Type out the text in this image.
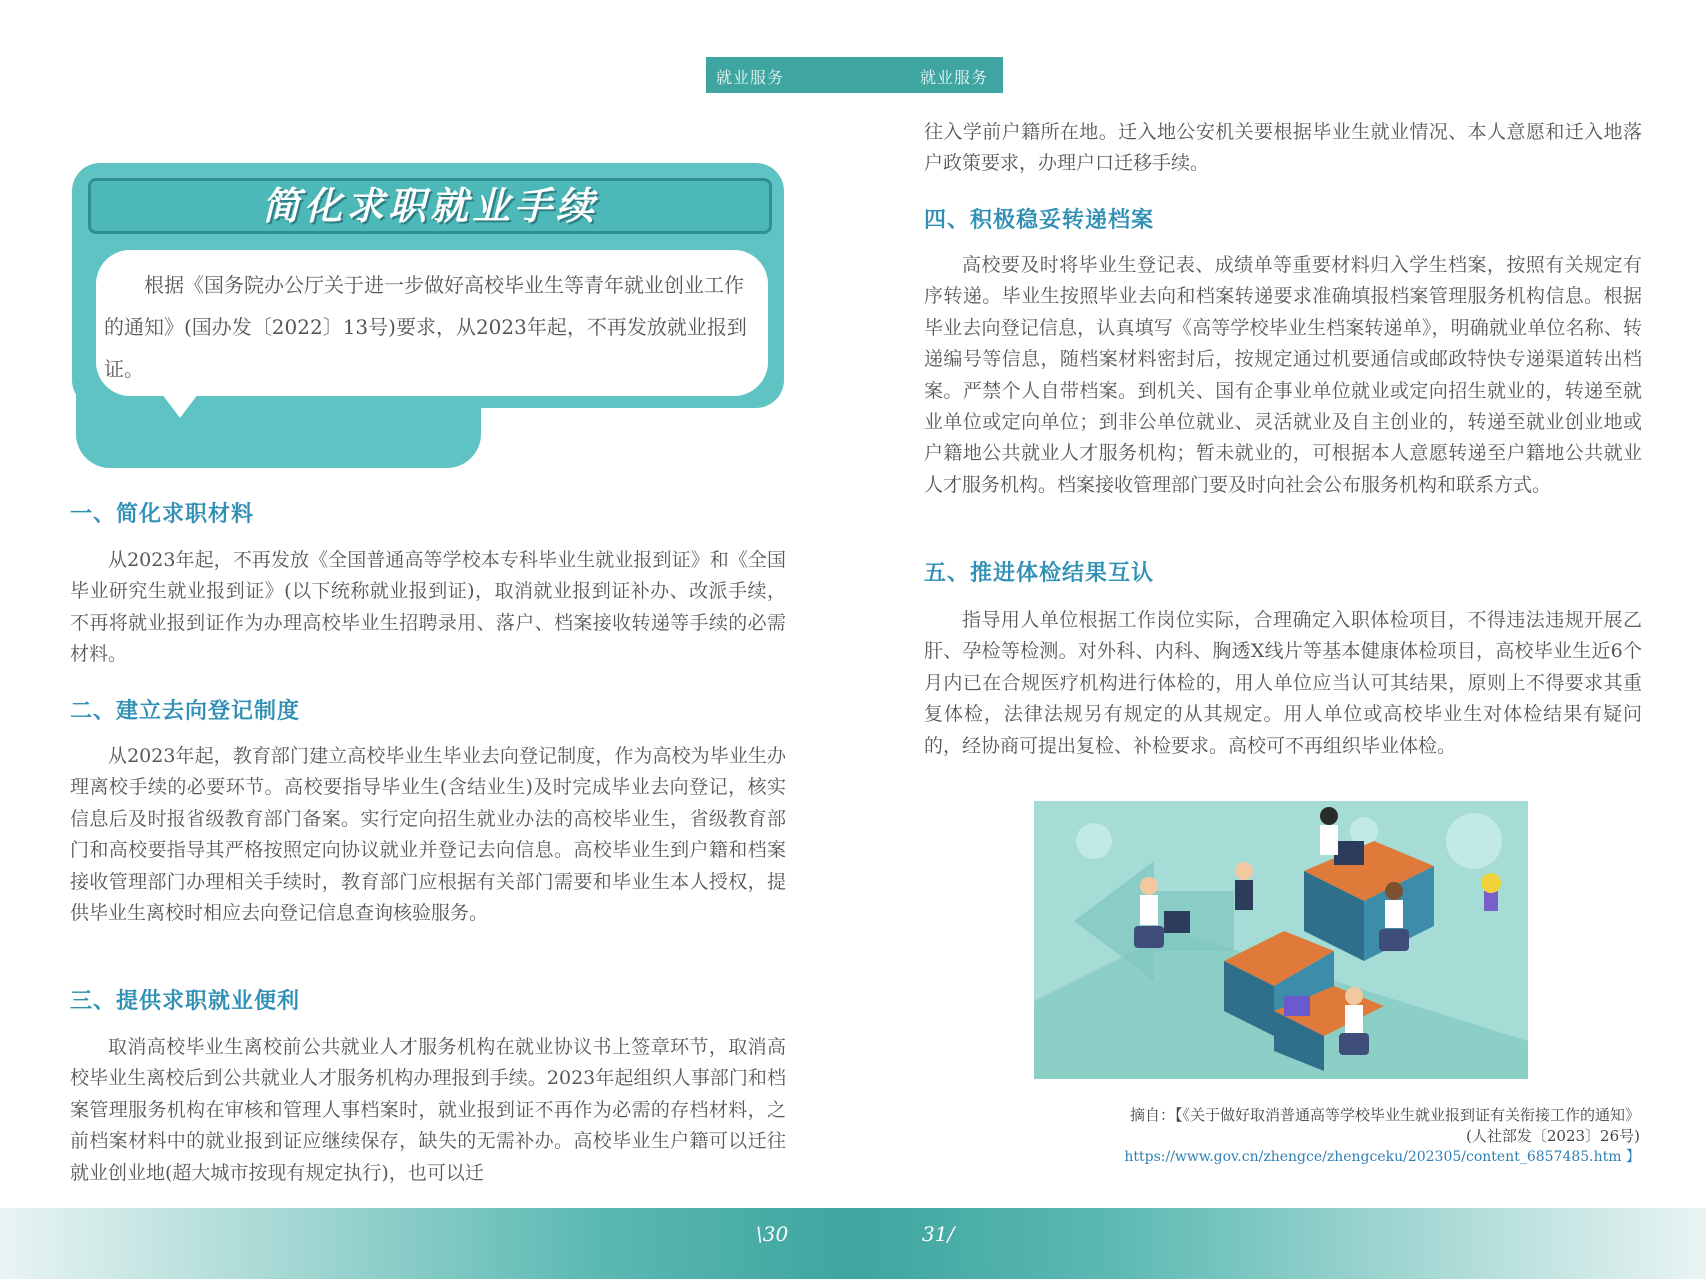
就业服务	就业服务
简化求职就业手续
根据《国务院办公厅关于进一步做好高校毕业生等青年就业创业工作的通知》(国办发〔2022〕13号)要求，从2023年起，不再发放就业报到证。
一、简化求职材料
从2023年起，不再发放《全国普通高等学校本专科毕业生就业报到证》和《全国毕业研究生就业报到证》(以下统称就业报到证)，取消就业报到证补办、改派手续，不再将就业报到证作为办理高校毕业生招聘录用、落户、档案接收转递等手续的必需材料。
二、建立去向登记制度
从2023年起，教育部门建立高校毕业生毕业去向登记制度，作为高校为毕业生办理离校手续的必要环节。高校要指导毕业生(含结业生)及时完成毕业去向登记，核实信息后及时报省级教育部门备案。实行定向招生就业办法的高校毕业生，省级教育部门和高校要指导其严格按照定向协议就业并登记去向信息。高校毕业生到户籍和档案接收管理部门办理相关手续时，教育部门应根据有关部门需要和毕业生本人授权，提供毕业生离校时相应去向登记信息查询核验服务。
三、提供求职就业便利
取消高校毕业生离校前公共就业人才服务机构在就业协议书上签章环节，取消高校毕业生离校后到公共就业人才服务机构办理报到手续。2023年起组织人事部门和档案管理服务机构在审核和管理人事档案时，就业报到证不再作为必需的存档材料，之前档案材料中的就业报到证应继续保存，缺失的无需补办。高校毕业生户籍可以迁往就业创业地(超大城市按现有规定执行)，也可以迁
往入学前户籍所在地。迁入地公安机关要根据毕业生就业情况、本人意愿和迁入地落户政策要求，办理户口迁移手续。
四、积极稳妥转递档案
高校要及时将毕业生登记表、成绩单等重要材料归入学生档案，按照有关规定有序转递。毕业生按照毕业去向和档案转递要求准确填报档案管理服务机构信息。根据毕业去向登记信息，认真填写《高等学校毕业生档案转递单》，明确就业单位名称、转递编号等信息，随档案材料密封后，按规定通过机要通信或邮政特快专递渠道转出档案。严禁个人自带档案。到机关、国有企事业单位就业或定向招生就业的，转递至就业单位或定向单位；到非公单位就业、灵活就业及自主创业的，转递至就业创业地或户籍地公共就业人才服务机构；暂未就业的，可根据本人意愿转递至户籍地公共就业人才服务机构。档案接收管理部门要及时向社会公布服务机构和联系方式。
五、推进体检结果互认
指导用人单位根据工作岗位实际，合理确定入职体检项目，不得违法违规开展乙肝、孕检等检测。对外科、内科、胸透X线片等基本健康体检项目，高校毕业生近6个月内已在合规医疗机构进行体检的，用人单位应当认可其结果，原则上不得要求其重复体检，法律法规另有规定的从其规定。用人单位或高校毕业生对体检结果有疑问的，经协商可提出复检、补检要求。高校可不再组织毕业体检。
摘自：【《关于做好取消普通高等学校毕业生就业报到证有关衔接工作的通知》
(人社部发〔2023〕26号)
https://www.gov.cn/zhengce/zhengceku/202305/content_6857485.htm 】
\30	31/
